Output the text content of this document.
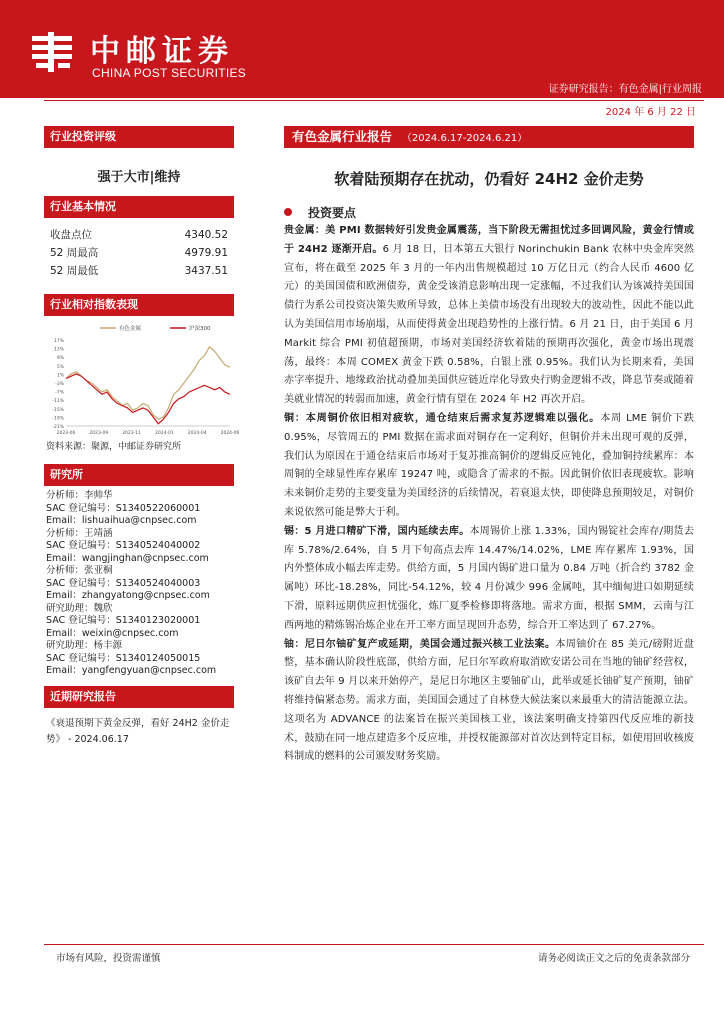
中邮证券
CHINA POST SECURITIES
证券研究报告：有色金属|行业周报
2024 年 6 月 22 日
行业投资评级
强于大市|维持
行业基本情况
收盘点位	4340.52
52 周最高	4979.91
52 周最低	3437.51
行业相对指数表现
17%
13%
9%
5%
1%
-3%
-7%
-11%
-15%
-19%
-21%
2023-06	2023-09	2023-11	2024-01	2024-04	2024-06
有色金属	沪深300
资料来源：聚源，中邮证券研究所
研究所
分析师：李帅华
SAC 登记编号：S1340522060001
Email：lishuaihua@cnpsec.com
分析师：王靖涵
SAC 登记编号：S1340524040002
Email：wangjinghan@cnpsec.com
分析师：张亚桐
SAC 登记编号：S1340524040003
Email：zhangyatong@cnpsec.com
研究助理：魏欣
SAC 登记编号：S1340123020001
Email：weixin@cnpsec.com
研究助理：杨丰源
SAC 登记编号：S1340124050015
Email：yangfengyuan@cnpsec.com
近期研究报告
《衰退预期下黄金反弹，看好 24H2 金价走势》 - 2024.06.17
有色金属行业报告 （2024.6.17-2024.6.21）
软着陆预期存在扰动，仍看好 24H2 金价走势
投资要点

贵金属：美 PMI 数据转好引发贵金属震荡，当下阶段无需担忧过多回调风险，黄金行情或于 24H2 逐渐开启。6 月 18 日，日本第五大银行 Norinchukin Bank 农林中央金库突然宣布，将在截至 2025 年 3 月的一年内出售规模超过 10 万亿日元（约合人民币 4600 亿元）的美国国债和欧洲债券，黄金受该消息影响出现一定涨幅，不过我们认为该减持美国国债行为系公司投资决策失败所导致，总体上美债市场没有出现较大的波动性，因此不能以此认为美国信用市场崩塌，从而使得黄金出现趋势性的上涨行情。6 月 21 日，由于美国 6 月 Markit 综合 PMI 初值超预期，市场对美国经济软着陆的预期再次强化，黄金市场出现震荡，最终：本周 COMEX 黄金下跌 0.58%，白银上涨 0.95%。我们认为长期来看，美国赤字率提升、地缘政治扰动叠加美国供应链近岸化导致央行购金逻辑不改，降息节奏或随着美就业情况的转弱而加速，黄金行情有望在 2024 年 H2 再次开启。

铜：本周铜价依旧相对疲软，通仓结束后需求复苏逻辑难以强化。本周 LME 铜价下跌 0.95%，尽管周五的 PMI 数据在需求面对铜存在一定利好，但铜价并未出现可观的反弹，我们认为原因在于通仓结束后市场对于复苏推高铜价的逻辑反应钝化，叠加铜持续累库：本周铜的全球显性库存累库 19247 吨，或隐含了需求的不振。因此铜价依旧表现疲软。影响未来铜价走势的主要变量为美国经济的后续情况，若衰退太快，即使降息预期较足，对铜价来说依然可能是弊大于利。

锡：5 月进口精矿下滑，国内延续去库。本周锡价上涨 1.33%，国内锡锭社会库存/期货去库 5.78%/2.64%，自 5 月下旬高点去库 14.47%/14.02%，LME 库存累库 1.93%，国内外整体成小幅去库走势。供给方面，5 月国内锡矿进口量为 0.84 万吨（折合约 3782 金属吨）环比-18.28%，同比-54.12%，较 4 月份减少 996 金属吨，其中缅甸进口如期延续下滑，原料远期供应担忧强化，炼厂夏季检修即将落地。需求方面，根据 SMM，云南与江西两地的精炼锡冶炼企业在开工率方面呈现回升态势，综合开工率达到了 67.27%。

铀：尼日尔铀矿复产或延期，美国会通过振兴核工业法案。本周铀价在 85 美元/磅附近盘整，基本确认阶段性底部，供给方面，尼日尔军政府取消欧安诺公司在当地的铀矿经营权，该矿自去年 9 月以来开始停产，是尼日尔地区主要铀矿山，此举或延长铀矿复产预期，铀矿将维持偏紧态势。需求方面，美国国会通过了自林登大候法案以来最重大的清洁能源立法。这项名为 ADVANCE 的法案旨在振兴美国核工业，该法案明确支持第四代反应堆的新技术，鼓励在同一地点建造多个反应堆，并授权能源部对首次达到特定目标，如使用回收核废料制成的燃料的公司颁发财务奖励。

市场有风险，投资需谨慎	请务必阅读正文之后的免责条款部分
